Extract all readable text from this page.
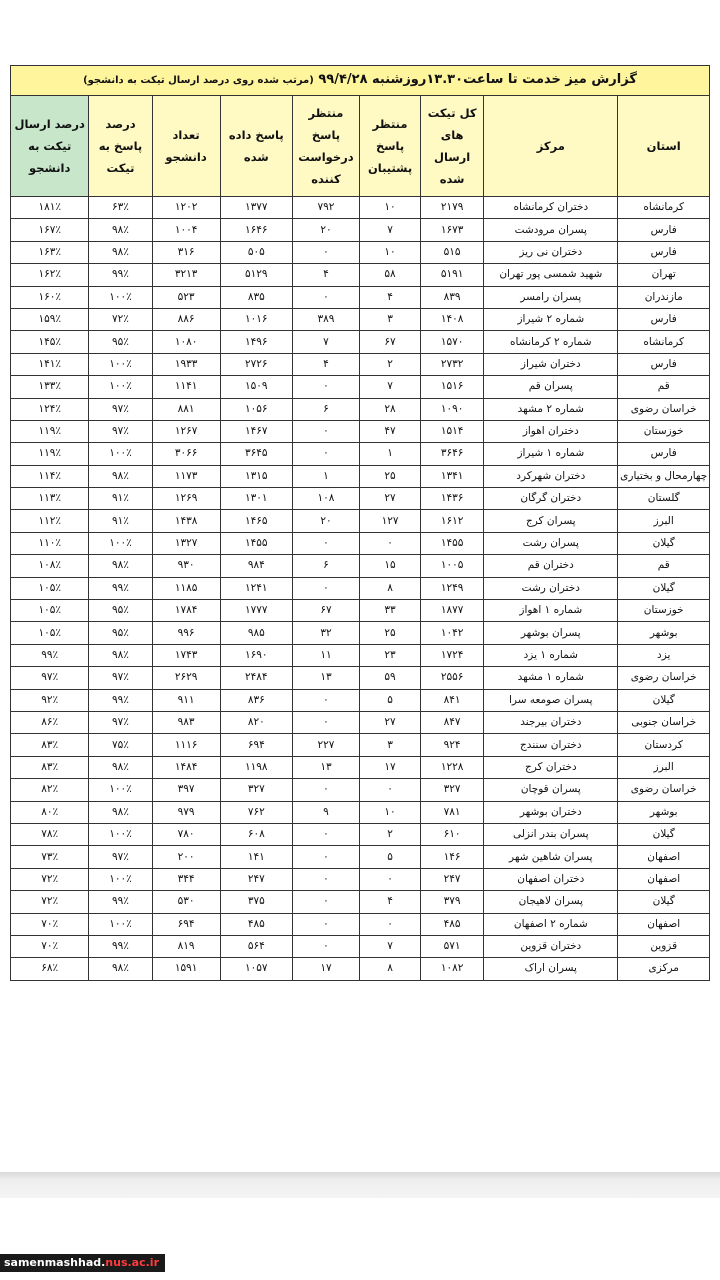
گزارش میز خدمت تا ساعت۱۳.۳۰روزشنبه ۹۹/۴/۲۸ (مرتب شده روی درصد ارسال تیکت به دانشجو)								
استان	مرکز	کل تیکت های ارسال شده	منتظر پاسخ پشتیبان	منتظر پاسخ درخواست کننده	پاسخ داده شده	تعداد دانشجو	درصد پاسخ به تیکت	درصد ارسال تیکت به دانشجو
کرمانشاه	دختران کرمانشاه	۲۱۷۹	۱۰	۷۹۲	۱۳۷۷	۱۲۰۲	۶۳٪	۱۸۱٪
فارس	پسران مرودشت	۱۶۷۳	۷	۲۰	۱۶۴۶	۱۰۰۴	۹۸٪	۱۶۷٪
فارس	دختران نی ریز	۵۱۵	۱۰	۰	۵۰۵	۳۱۶	۹۸٪	۱۶۳٪
تهران	شهید شمسی پور تهران	۵۱۹۱	۵۸	۴	۵۱۲۹	۳۲۱۳	۹۹٪	۱۶۲٪
مازندران	پسران رامسر	۸۳۹	۴	۰	۸۳۵	۵۲۳	۱۰۰٪	۱۶۰٪
فارس	شماره ۲ شیراز	۱۴۰۸	۳	۳۸۹	۱۰۱۶	۸۸۶	۷۲٪	۱۵۹٪
کرمانشاه	شماره ۲ کرمانشاه	۱۵۷۰	۶۷	۷	۱۴۹۶	۱۰۸۰	۹۵٪	۱۴۵٪
فارس	دختران شیراز	۲۷۳۲	۲	۴	۲۷۲۶	۱۹۳۳	۱۰۰٪	۱۴۱٪
قم	پسران قم	۱۵۱۶	۷	۰	۱۵۰۹	۱۱۴۱	۱۰۰٪	۱۳۳٪
خراسان رضوی	شماره ۲ مشهد	۱۰۹۰	۲۸	۶	۱۰۵۶	۸۸۱	۹۷٪	۱۲۴٪
خوزستان	دختران اهواز	۱۵۱۴	۴۷	۰	۱۴۶۷	۱۲۶۷	۹۷٪	۱۱۹٪
فارس	شماره ۱ شیراز	۳۶۴۶	۱	۰	۳۶۴۵	۳۰۶۶	۱۰۰٪	۱۱۹٪
چهارمحال و بختیاری	دختران شهرکرد	۱۳۴۱	۲۵	۱	۱۳۱۵	۱۱۷۳	۹۸٪	۱۱۴٪
گلستان	دختران گرگان	۱۴۳۶	۲۷	۱۰۸	۱۳۰۱	۱۲۶۹	۹۱٪	۱۱۳٪
البرز	پسران کرج	۱۶۱۲	۱۲۷	۲۰	۱۴۶۵	۱۴۳۸	۹۱٪	۱۱۲٪
گیلان	پسران رشت	۱۴۵۵	۰	۰	۱۴۵۵	۱۳۲۷	۱۰۰٪	۱۱۰٪
قم	دختران قم	۱۰۰۵	۱۵	۶	۹۸۴	۹۳۰	۹۸٪	۱۰۸٪
گیلان	دختران رشت	۱۲۴۹	۸	۰	۱۲۴۱	۱۱۸۵	۹۹٪	۱۰۵٪
خوزستان	شماره ۱ اهواز	۱۸۷۷	۳۳	۶۷	۱۷۷۷	۱۷۸۴	۹۵٪	۱۰۵٪
بوشهر	پسران بوشهر	۱۰۴۲	۲۵	۳۲	۹۸۵	۹۹۶	۹۵٪	۱۰۵٪
یزد	شماره ۱ یزد	۱۷۲۴	۲۳	۱۱	۱۶۹۰	۱۷۴۳	۹۸٪	۹۹٪
خراسان رضوی	شماره ۱ مشهد	۲۵۵۶	۵۹	۱۳	۲۴۸۴	۲۶۲۹	۹۷٪	۹۷٪
گیلان	پسران صومعه سرا	۸۴۱	۵	۰	۸۳۶	۹۱۱	۹۹٪	۹۲٪
خراسان جنوبی	دختران بیرجند	۸۴۷	۲۷	۰	۸۲۰	۹۸۳	۹۷٪	۸۶٪
کردستان	دختران سنندج	۹۲۴	۳	۲۲۷	۶۹۴	۱۱۱۶	۷۵٪	۸۳٪
البرز	دختران کرج	۱۲۲۸	۱۷	۱۳	۱۱۹۸	۱۴۸۴	۹۸٪	۸۳٪
خراسان رضوی	پسران قوچان	۳۲۷	۰	۰	۳۲۷	۳۹۷	۱۰۰٪	۸۲٪
بوشهر	دختران بوشهر	۷۸۱	۱۰	۹	۷۶۲	۹۷۹	۹۸٪	۸۰٪
گیلان	پسران بندر انزلی	۶۱۰	۲	۰	۶۰۸	۷۸۰	۱۰۰٪	۷۸٪
اصفهان	پسران شاهین شهر	۱۴۶	۵	۰	۱۴۱	۲۰۰	۹۷٪	۷۳٪
اصفهان	دختران اصفهان	۲۴۷	۰	۰	۲۴۷	۳۴۴	۱۰۰٪	۷۲٪
گیلان	پسران لاهیجان	۳۷۹	۴	۰	۳۷۵	۵۳۰	۹۹٪	۷۲٪
اصفهان	شماره ۲ اصفهان	۴۸۵	۰	۰	۴۸۵	۶۹۴	۱۰۰٪	۷۰٪
قزوین	دختران قزوین	۵۷۱	۷	۰	۵۶۴	۸۱۹	۹۹٪	۷۰٪
مرکزی	پسران اراک	۱۰۸۲	۸	۱۷	۱۰۵۷	۱۵۹۱	۹۸٪	۶۸٪
samenmashhad.nus.ac.ir
